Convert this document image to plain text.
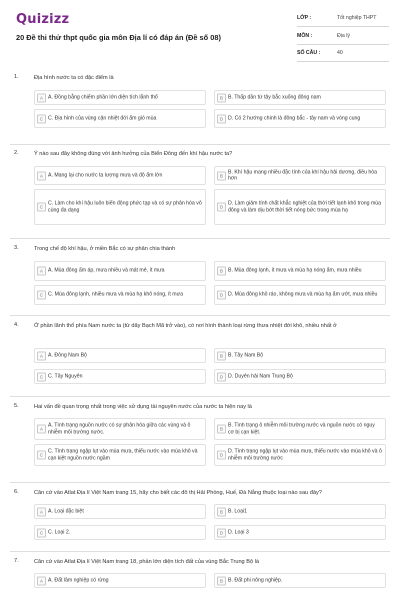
Quizizz
20 Đề thi thử thpt quốc gia môn Địa lí có đáp án (Đề số 08)
LỚP :	Tốt nghiệp THPT
MÔN :	Địa lý
SỐ CÂU :	40
1.	Địa hình nước ta có đặc điểm là
A A. Đồng bằng chiếm phần lớn diện tích lãnh thổ	B B. Thấp dần từ tây bắc xuống đông nam
C C. Địa hình của vùng cận nhiệt đới ẩm gió mùa	D D. Có 2 hướng chính là đông bắc - tây nam và vòng cung
2.	Ý nào sau đây không đúng với ảnh hưởng của Biển Đông đến khí hậu nước ta?
A A. Mang lại cho nước ta lượng mưa và độ ẩm lớn	B
B. Khí hậu mang nhiều đặc tính của khí hậu hải dương, điều hòa hơn
C
C. Làm cho khí hậu luôn biến động phức tạp và có sự phân hóa vô cùng đa dạng	D
D. Làm giảm tính chất khắc nghiệt của thời tiết lạnh khô trong mùa đông và làm dịu bớt thời tiết nóng bức trong mùa hạ
3.	Trong chế độ khí hậu, ở miền Bắc có sự phân chia thành
A A. Mùa đông ấm áp, mưa nhiều và mát mẻ, ít mưa	B B. Mùa đông lạnh, ít mưa và mùa hạ nóng ẩm, mưa nhiều
C C. Mùa đông lạnh, nhiều mưa và mùa hạ khô nóng, ít mưa	D D. Mùa đông khô ráo, không mưa và mùa hạ ẩm ướt, mưa nhiều
4.	Ở phần lãnh thổ phía Nam nước ta (từ dãy Bạch Mã trở vào), có nơi hình thành loại rừng thưa nhiệt đới khô, nhiều nhất ở
A A. Đông Nam Bộ	B B. Tây Nam Bộ
C C. Tây Nguyên	D D. Duyên hải Nam Trung Bộ
5.	Hai vấn đề quan trọng nhất trong việc sử dụng tài nguyên nước của nước ta hiện nay là
A
A. Tình trạng nguồn nước có sự phân hóa giữa các vùng và ô nhiễm môi trường nước.	B
B. Tình trạng ô nhiễm môi trường nước và nguồn nước có nguy cơ bị cạn kiệt.
C
C. Tình trạng ngập lụt vào mùa mưa, thiếu nước vào mùa khô và cạn kiệt nguồn nước ngầm	D
D. Tình trạng ngập lụt vào mùa mưa, thiếu nước vào mùa khô và ô nhiễm môi trường nước
6.	Căn cứ vào Atlat Địa lí Việt Nam trang 15, hãy cho biết các đô thị Hải Phòng, Huế, Đà Nẵng thuộc loại nào sau đây?
A A. Loại đặc biệt	B B. Loại1
C C. Loại 2.	D D. Loại 3
7.	Căn cứ vào Atlat Địa lí Việt Nam trang 18, phần lớn diện tích đất của vùng Bắc Trung Bộ là
A A. Đất lâm nghiệp có rừng	B B. Đất phi nông nghiệp.
